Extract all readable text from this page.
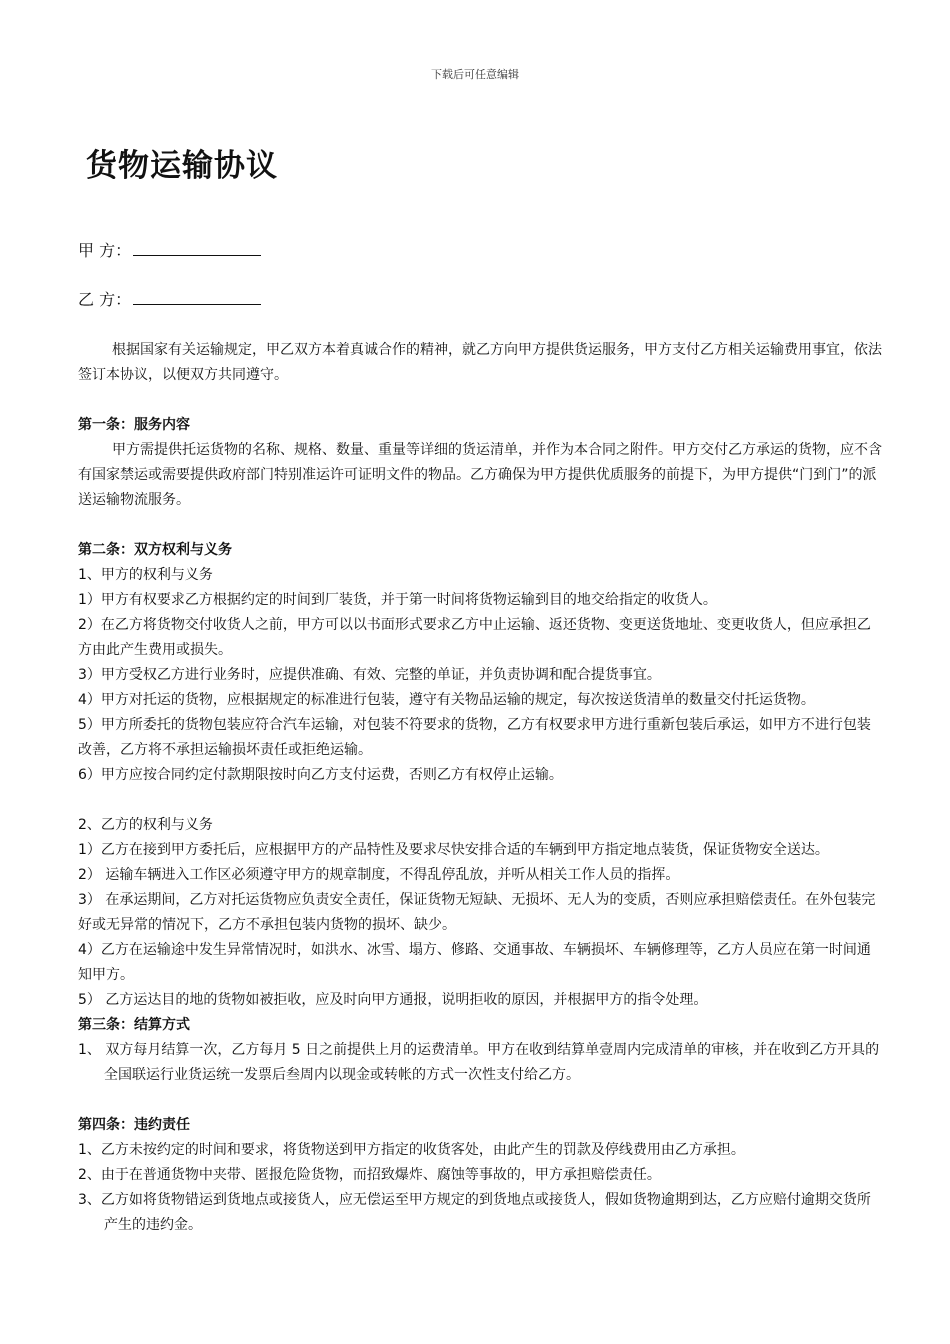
下载后可任意编辑
货物运输协议
甲 方：
乙 方：

根据国家有关运输规定，甲乙双方本着真诚合作的精神，就乙方向甲方提供货运服务，甲方支付乙方相关运输费用事宜，依法签订本协议，以便双方共同遵守。

第一条：服务内容

甲方需提供托运货物的名称、规格、数量、重量等详细的货运清单，并作为本合同之附件。甲方交付乙方承运的货物，应不含有国家禁运或需要提供政府部门特别准运许可证明文件的物品。乙方确保为甲方提供优质服务的前提下，为甲方提供“门到门”的派送运输物流服务。

第二条：双方权利与义务

1、甲方的权利与义务

1）甲方有权要求乙方根据约定的时间到厂装货，并于第一时间将货物运输到目的地交给指定的收货人。

2）在乙方将货物交付收货人之前，甲方可以以书面形式要求乙方中止运输、返还货物、变更送货地址、变更收货人，但应承担乙方由此产生费用或损失。

3）甲方受权乙方进行业务时，应提供准确、有效、完整的单证，并负责协调和配合提货事宜。

4）甲方对托运的货物，应根据规定的标准进行包装，遵守有关物品运输的规定，每次按送货清单的数量交付托运货物。

5）甲方所委托的货物包装应符合汽车运输，对包装不符要求的货物，乙方有权要求甲方进行重新包装后承运，如甲方不进行包装改善，乙方将不承担运输损坏责任或拒绝运输。

6）甲方应按合同约定付款期限按时向乙方支付运费，否则乙方有权停止运输。

2、乙方的权利与义务

1）乙方在接到甲方委托后，应根据甲方的产品特性及要求尽快安排合适的车辆到甲方指定地点装货，保证货物安全送达。

2） 运输车辆进入工作区必须遵守甲方的规章制度，不得乱停乱放，并听从相关工作人员的指挥。

3） 在承运期间，乙方对托运货物应负责安全责任，保证货物无短缺、无损坏、无人为的变质，否则应承担赔偿责任。在外包装完好或无异常的情况下，乙方不承担包装内货物的损坏、缺少。

4）乙方在运输途中发生异常情况时，如洪水、冰雪、塌方、修路、交通事故、车辆损坏、车辆修理等，乙方人员应在第一时间通知甲方。

5） 乙方运达目的地的货物如被拒收，应及时向甲方通报，说明拒收的原因，并根据甲方的指令处理。

第三条：结算方式

1、 双方每月结算一次，乙方每月 5 日之前提供上月的运费清单。甲方在收到结算单壹周内完成清单的审核，并在收到乙方开具的全国联运行业货运统一发票后叁周内以现金或转帐的方式一次性支付给乙方。

第四条：违约责任

1、乙方未按约定的时间和要求，将货物送到甲方指定的收货客处，由此产生的罚款及停线费用由乙方承担。

2、由于在普通货物中夹带、匿报危险货物，而招致爆炸、腐蚀等事故的，甲方承担赔偿责任。

3、乙方如将货物错运到货地点或接货人，应无偿运至甲方规定的到货地点或接货人，假如货物逾期到达，乙方应赔付逾期交货所产生的违约金。
